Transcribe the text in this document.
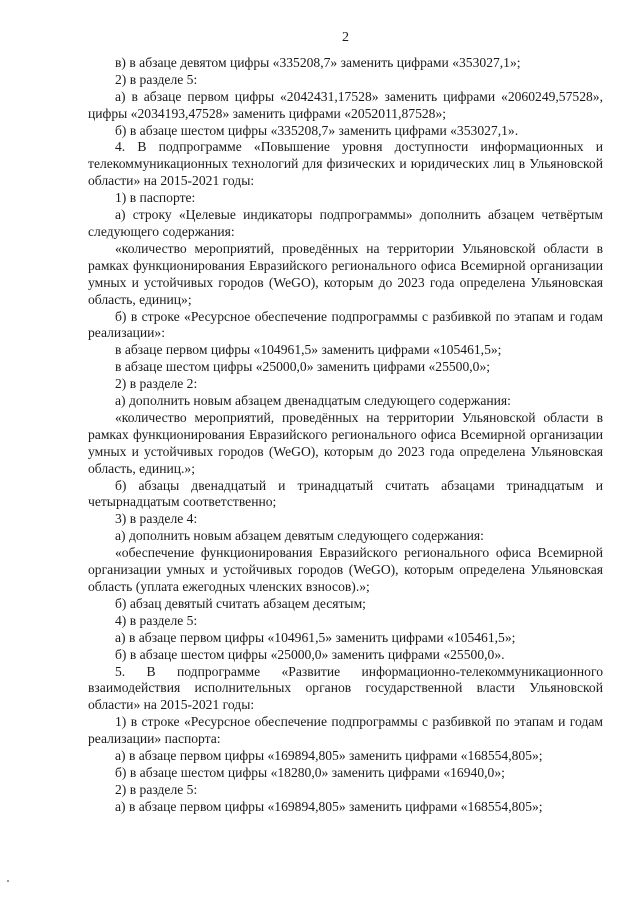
2

в) в абзаце девятом цифры «335208,7» заменить цифрами «353027,1»;

2) в разделе 5:

а) в абзаце первом цифры «2042431,17528» заменить цифрами «2060249,57528», цифры «2034193,47528» заменить цифрами «2052011,87528»;

б) в абзаце шестом цифры «335208,7» заменить цифрами «353027,1».

4. В подпрограмме «Повышение уровня доступности информационных и телекоммуникационных технологий для физических и юридических лиц в Ульяновской области» на 2015-2021 годы:

1) в паспорте:

а) строку «Целевые индикаторы подпрограммы» дополнить абзацем четвёртым следующего содержания:

«количество мероприятий, проведённых на территории Ульяновской области в рамках функционирования Евразийского регионального офиса Всемирной организации умных и устойчивых городов (WeGO), которым до 2023 года определена Ульяновская область, единиц»;

б) в строке «Ресурсное обеспечение подпрограммы с разбивкой по этапам и годам реализации»:

в абзаце первом цифры «104961,5» заменить цифрами «105461,5»;

в абзаце шестом цифры «25000,0» заменить цифрами «25500,0»;

2) в разделе 2:

а) дополнить новым абзацем двенадцатым следующего содержания:

«количество мероприятий, проведённых на территории Ульяновской области в рамках функционирования Евразийского регионального офиса Всемирной организации умных и устойчивых городов (WeGO), которым до 2023 года определена Ульяновская область, единиц.»;

б) абзацы двенадцатый и тринадцатый считать абзацами тринадцатым и четырнадцатым соответственно;

3) в разделе 4:

а) дополнить новым абзацем девятым следующего содержания:

«обеспечение функционирования Евразийского регионального офиса Всемирной организации умных и устойчивых городов (WeGO), которым определена Ульяновская область (уплата ежегодных членских взносов).»;

б) абзац девятый считать абзацем десятым;

4) в разделе 5:

а) в абзаце первом цифры «104961,5» заменить цифрами «105461,5»;

б) в абзаце шестом цифры «25000,0» заменить цифрами «25500,0».

5. В подпрограмме «Развитие информационно-телекоммуникационного взаимодействия исполнительных органов государственной власти Ульяновской области» на 2015-2021 годы:

1) в строке «Ресурсное обеспечение подпрограммы с разбивкой по этапам и годам реализации» паспорта:

а) в абзаце первом цифры «169894,805» заменить цифрами «168554,805»;

б) в абзаце шестом цифры «18280,0» заменить цифрами «16940,0»;

2) в разделе 5:

а) в абзаце первом цифры «169894,805» заменить цифрами «168554,805»;
